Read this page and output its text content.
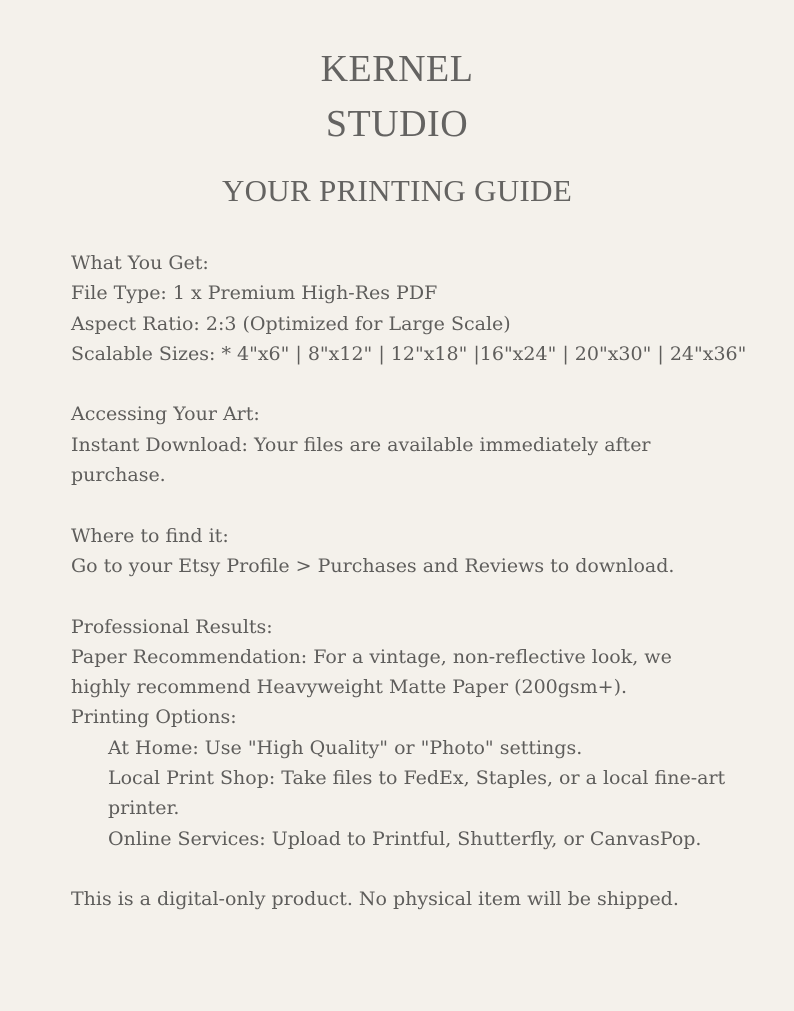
KERNEL
STUDIO
YOUR PRINTING GUIDE
What You Get:
File Type: 1 x Premium High-Res PDF
Aspect Ratio: 2:3 (Optimized for Large Scale)
Scalable Sizes: * 4"x6" | 8"x12" | 12"x18" |16"x24" | 20"x30" | 24"x36"
Accessing Your Art:
Instant Download: Your files are available immediately after
purchase.
Where to find it:
Go to your Etsy Profile > Purchases and Reviews to download.
Professional Results:
Paper Recommendation: For a vintage, non-reflective look, we
highly recommend Heavyweight Matte Paper (200gsm+).
Printing Options:
At Home: Use "High Quality" or "Photo" settings.
Local Print Shop: Take files to FedEx, Staples, or a local fine-art
printer.
Online Services: Upload to Printful, Shutterfly, or CanvasPop.
This is a digital-only product. No physical item will be shipped.
